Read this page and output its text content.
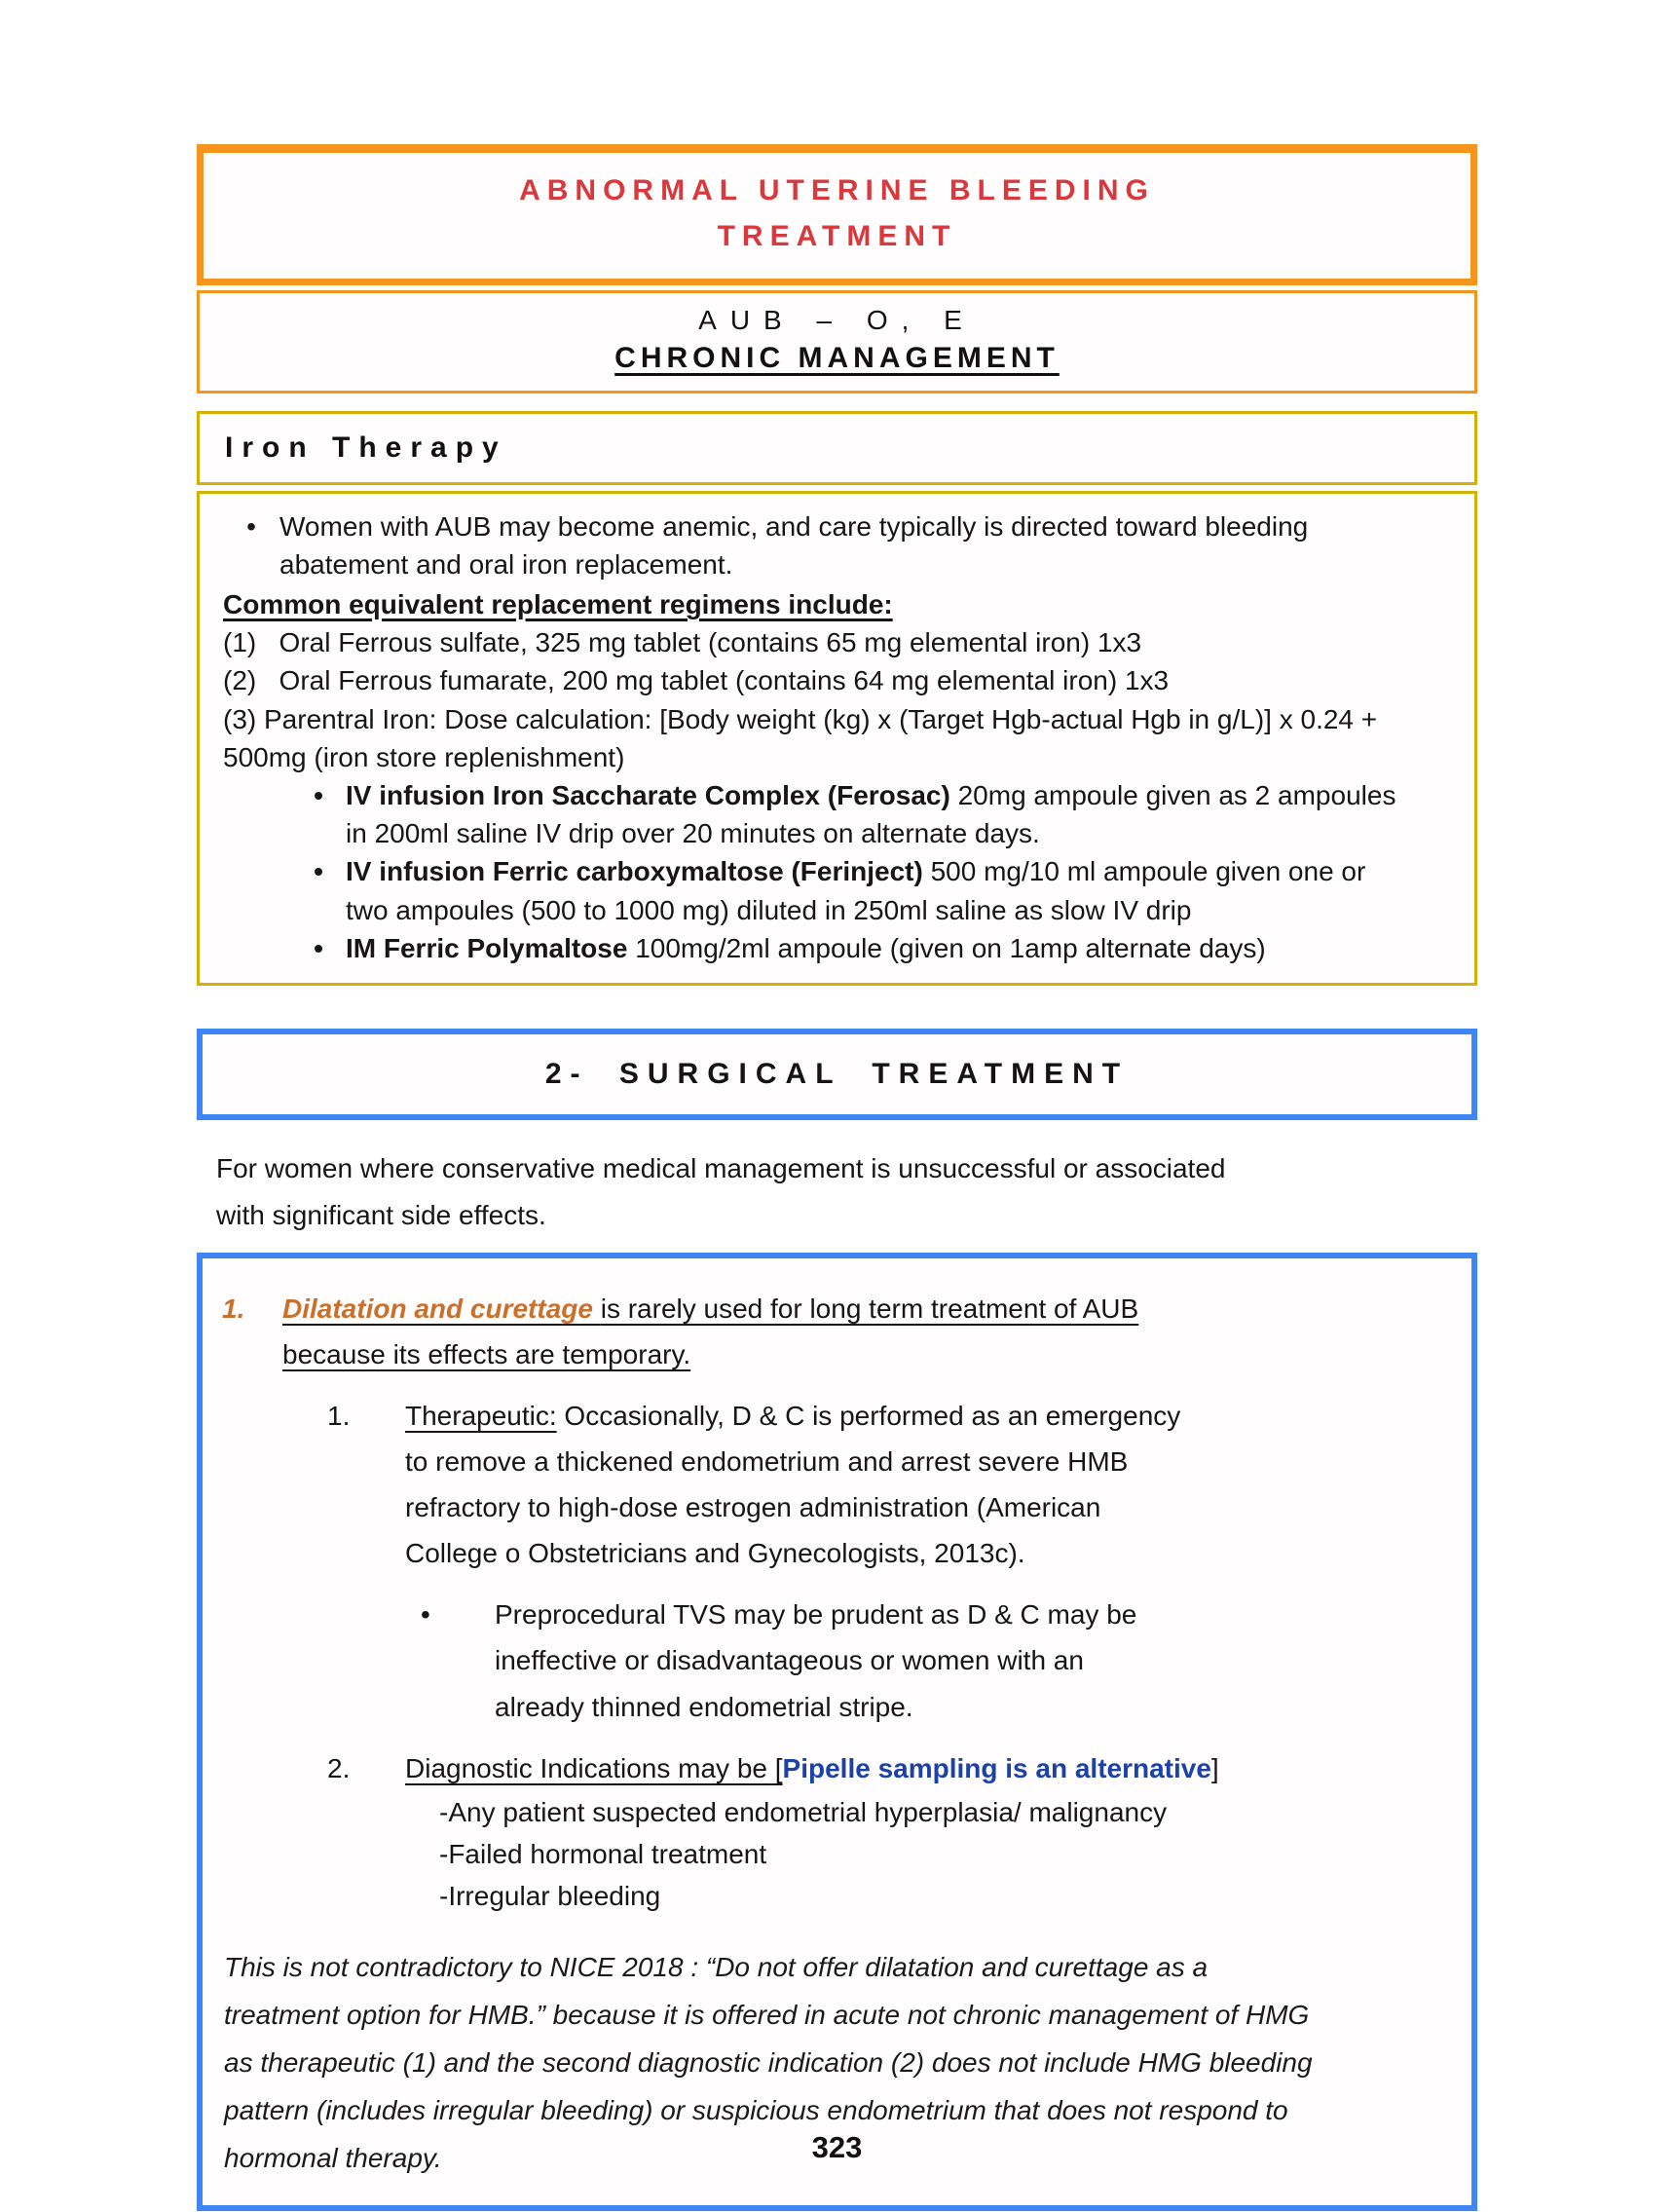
ABNORMAL UTERINE BLEEDING
TREATMENT
AUB – O, E
CHRONIC MANAGEMENT
Iron Therapy
• Women with AUB may become anemic, and care typically is directed toward bleeding abatement and oral iron replacement.
Common equivalent replacement regimens include:
(1)   Oral Ferrous sulfate, 325 mg tablet (contains 65 mg elemental iron) 1x3
(2)   Oral Ferrous fumarate, 200 mg tablet (contains 64 mg elemental iron) 1x3
(3) Parentral Iron: Dose calculation: [Body weight (kg) x (Target Hgb-actual Hgb in g/L)] x 0.24 + 500mg (iron store replenishment)
• IV infusion Iron Saccharate Complex (Ferosac) 20mg ampoule given as 2 ampoules in 200ml saline IV drip over 20 minutes on alternate days.
• IV infusion Ferric carboxymaltose (Ferinject) 500 mg/10 ml ampoule given one or two ampoules (500 to 1000 mg) diluted in 250ml saline as slow IV drip
• IM Ferric Polymaltose 100mg/2ml ampoule (given on 1amp alternate days)
2- SURGICAL TREATMENT
For women where conservative medical management is unsuccessful or associated with significant side effects.
1.	Dilatation and curettage is rarely used for long term treatment of AUB because its effects are temporary.
1.	Therapeutic: Occasionally, D & C is performed as an emergency to remove a thickened endometrium and arrest severe HMB refractory to high-dose estrogen administration (American College o Obstetricians and Gynecologists, 2013c).
•	Preprocedural TVS may be prudent as D & C may be ineffective or disadvantageous or women with an already thinned endometrial stripe.
2.	Diagnostic Indications may be [Pipelle sampling is an alternative]
-Any patient suspected endometrial hyperplasia/ malignancy
-Failed hormonal treatment
-Irregular bleeding
This is not contradictory to NICE 2018 : “Do not offer dilatation and curettage as a treatment option for HMB.” because it is offered in acute not chronic management of HMG as therapeutic (1) and the second diagnostic indication (2) does not include HMG bleeding pattern (includes irregular bleeding) or suspicious endometrium that does not respond to hormonal therapy.	323
